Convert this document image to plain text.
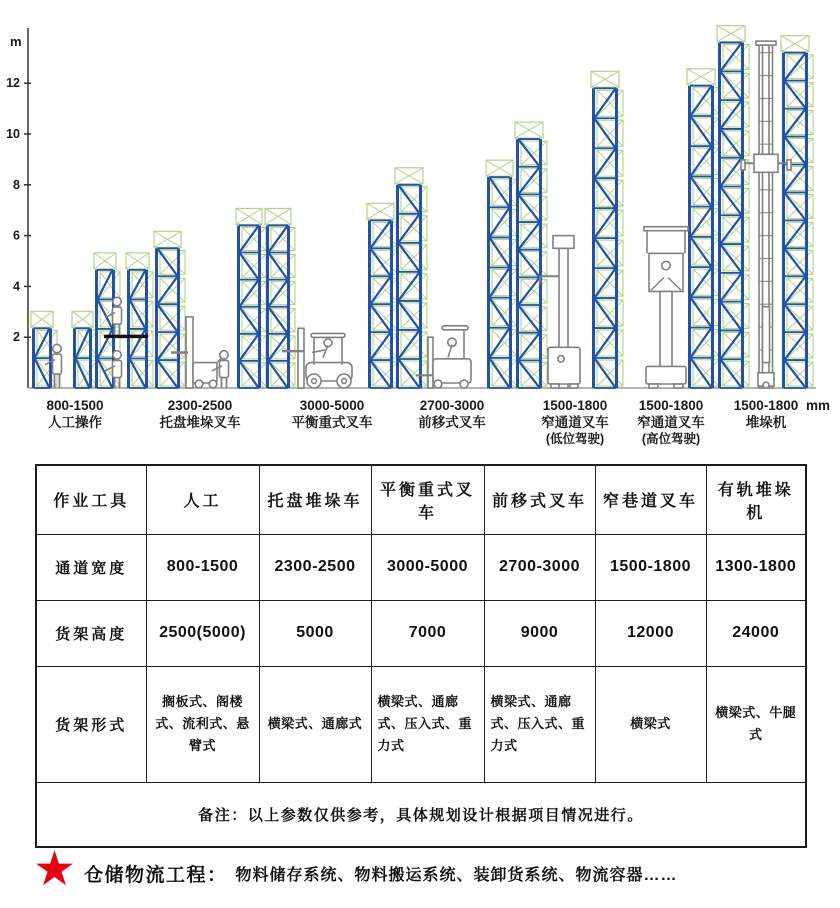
m
2
4
6
8
10
12
800-1500
人工操作
2300-2500
托盘堆垛叉车
3000-5000
平衡重式叉车
2700-3000
前移式叉车
1500-1800
窄通道叉车
(低位驾驶)
1500-1800
窄通道叉车
(高位驾驶)
1500-1800
堆垛机
mm
作业工具	人工	托盘堆垛车	平衡重式叉车	前移式叉车	窄巷道叉车	有轨堆垛机
通道宽度	800-1500	2300-2500	3000-5000	2700-3000	1500-1800	1300-1800
货架高度	2500(5000)	5000	7000	9000	12000	24000
货架形式	搁板式、阁楼式、流利式、悬臂式	横梁式、通廊式	横梁式、通廊式、压入式、重力式	横梁式、通廊式、压入式、重力式	横梁式	横梁式、牛腿式
备注：以上参数仅供参考，具体规划设计根据项目情况进行。						
★ 仓储物流工程： 物料储存系统、物料搬运系统、装卸货系统、物流容器……
